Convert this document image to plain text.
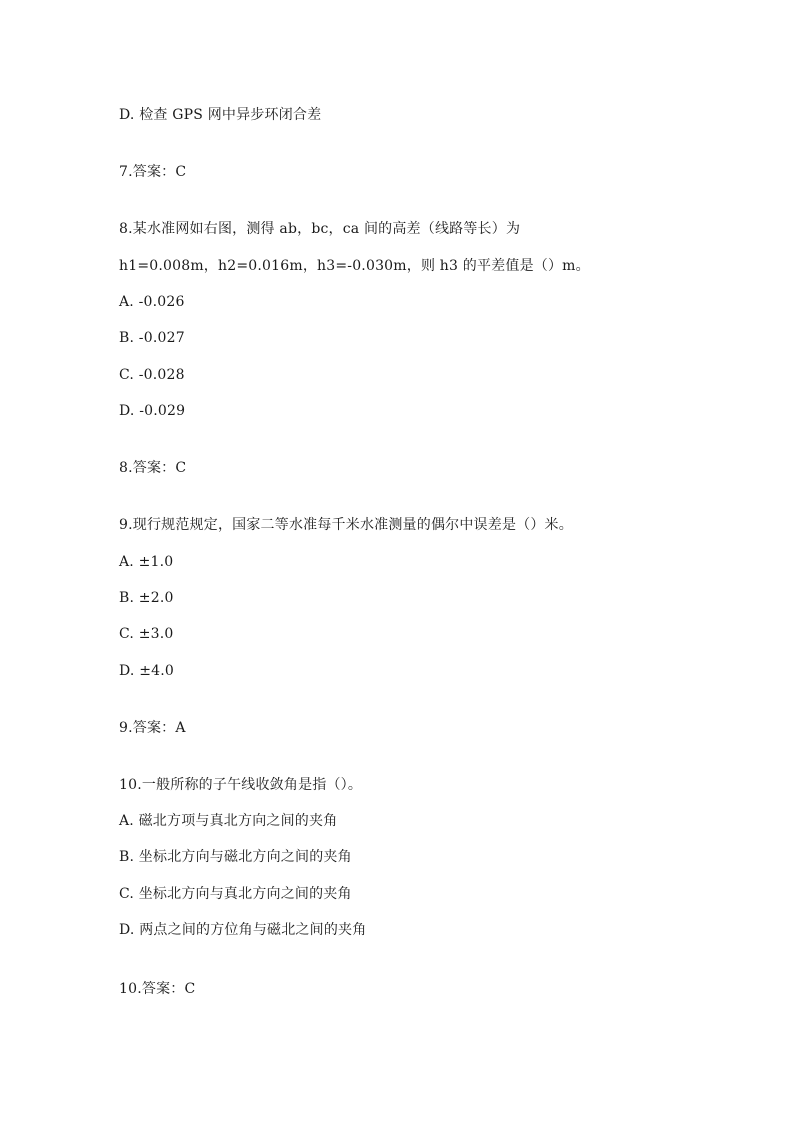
D. 检查 GPS 网中异步环闭合差
7.答案：C
8.某水准网如右图，测得 ab，bc，ca 间的高差（线路等长）为
h1=0.008m，h2=0.016m，h3=-0.030m，则 h3 的平差值是（）m。
A. -0.026
B. -0.027
C. -0.028
D. -0.029
8.答案：C
9.现行规范规定，国家二等水准每千米水准测量的偶尔中误差是（）米。
A. ±1.0
B. ±2.0
C. ±3.0
D. ±4.0
9.答案：A
10.一般所称的子午线收敛角是指（）。
A. 磁北方项与真北方向之间的夹角
B. 坐标北方向与磁北方向之间的夹角
C. 坐标北方向与真北方向之间的夹角
D. 两点之间的方位角与磁北之间的夹角
10.答案：C
